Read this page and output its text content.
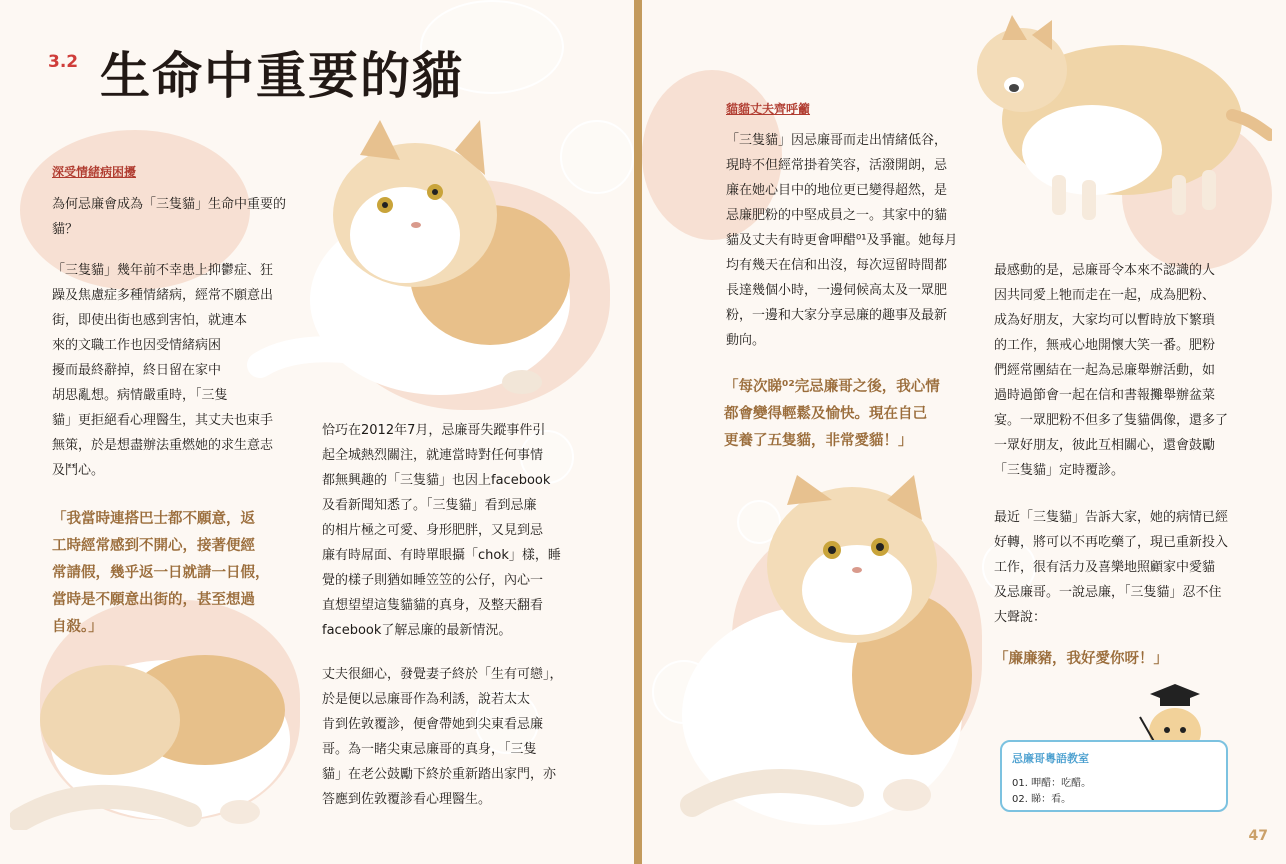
3.2 生命中重要的貓
深受情緒病困擾

為何忌廉會成為「三隻貓」生命中重要的貓？

「三隻貓」幾年前不幸患上抑鬱症、狂
躁及焦慮症多種情緒病，經常不願意出
街，即使出街也感到害怕，就連本
來的文職工作也因受情緒病困
擾而最終辭掉，終日留在家中
胡思亂想。病情嚴重時，「三隻
貓」更拒絕看心理醫生，其丈夫也束手
無策，於是想盡辦法重燃她的求生意志
及鬥心。

「我當時連搭巴士都不願意，返
工時經常感到不開心，接著便經
常請假，幾乎返一日就請一日假，
當時是不願意出街的，甚至想過
自殺。」

恰巧在2012年7月，忌廉哥失蹤事件引
起全城熱烈關注，就連當時對任何事情
都無興趣的「三隻貓」也因上facebook
及看新聞知悉了。「三隻貓」看到忌廉
的相片極之可愛、身形肥胖，又見到忌
廉有時屌面、有時單眼攝「chok」樣，睡
覺的樣子則猶如睡笠笠的公仔，內心一
直想望望這隻貓貓的真身，及整天翻看
facebook了解忌廉的最新情況。

丈夫很細心，發覺妻子終於「生有可戀」，
於是便以忌廉哥作為利誘，說若太太
肯到佐敦覆診，便會帶她到尖東看忌廉
哥。為一睹尖東忌廉哥的真身，「三隻
貓」在老公鼓勵下終於重新踏出家門，亦
答應到佐敦覆診看心理醫生。

貓貓丈夫齊呼籲

「三隻貓」因忌廉哥而走出情緒低谷，
現時不但經常掛着笑容，活潑開朗，忌
廉在她心目中的地位更已變得超然，是
忌廉肥粉的中堅成員之一。其家中的貓
貓及丈夫有時更會呷醋⁰¹及爭寵。她每月
均有幾天在信和出沒，每次逗留時間都
長達幾個小時，一邊伺候高太及一眾肥
粉，一邊和大家分享忌廉的趣事及最新
動向。

「每次睇⁰²完忌廉哥之後，我心情
都會變得輕鬆及愉快。現在自己
更養了五隻貓，非常愛貓！」

最感動的是，忌廉哥令本來不認識的人
因共同愛上牠而走在一起，成為肥粉、
成為好朋友，大家均可以暫時放下繁瑣
的工作，無戒心地開懷大笑一番。肥粉
們經常團結在一起為忌廉舉辦活動，如
過時過節會一起在信和書報攤舉辦盆菜
宴。一眾肥粉不但多了隻貓偶像，還多了
一眾好朋友，彼此互相關心，還會鼓勵
「三隻貓」定時覆診。

最近「三隻貓」告訴大家，她的病情已經
好轉，將可以不再吃藥了，現已重新投入
工作，很有活力及喜樂地照顧家中愛貓
及忌廉哥。一說忌廉，「三隻貓」忍不住
大聲說：

「廉廉豬，我好愛你呀！」

忌廉哥粵語教室
01. 呷醋：吃醋。
02. 睇：看。
47
